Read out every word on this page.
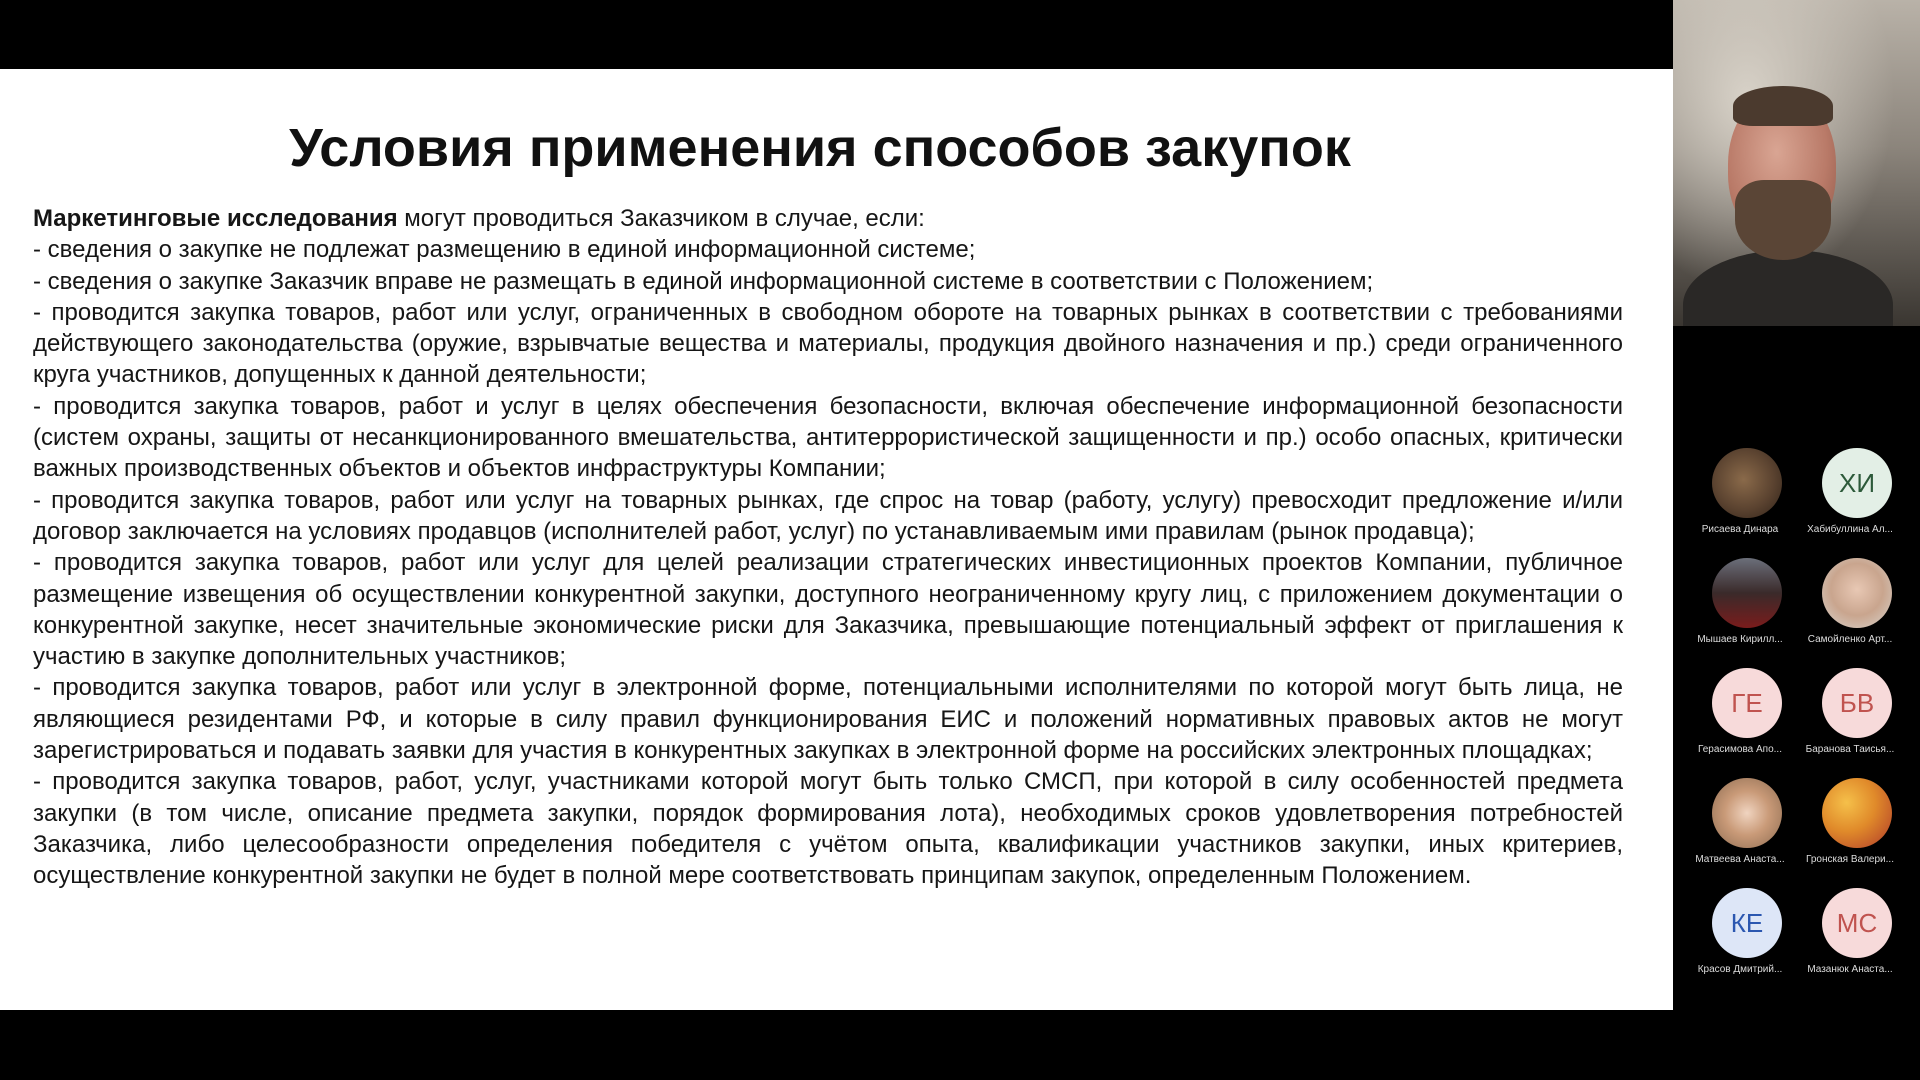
Условия применения способов закупок

Маркетинговые исследования могут проводиться Заказчиком в случае, если:

- сведения о закупке не подлежат размещению в единой информационной системе;

- сведения о закупке Заказчик вправе не размещать в единой информационной системе в соответствии с Положением;

- проводится закупка товаров, работ или услуг, ограниченных в свободном обороте на товарных рынках в соответствии с требованиями действующего законодательства (оружие, взрывчатые вещества и материалы, продукция двойного назначения и пр.) среди ограниченного круга участников, допущенных к данной деятельности;

- проводится закупка товаров, работ и услуг в целях обеспечения безопасности, включая обеспечение информационной безопасности (систем охраны, защиты от несанкционированного вмешательства, антитеррористической защищенности и пр.) особо опасных, критически важных производственных объектов и объектов инфраструктуры Компании;

- проводится закупка товаров, работ или услуг на товарных рынках, где спрос на товар (работу, услугу) превосходит предложение и/или договор заключается на условиях продавцов (исполнителей работ, услуг) по устанавливаемым ими правилам (рынок продавца);

- проводится закупка товаров, работ или услуг для целей реализации стратегических инвестиционных проектов Компании, публичное размещение извещения об осуществлении конкурентной закупки, доступного неограниченному кругу лиц, с приложением документации о конкурентной закупке, несет значительные экономические риски для Заказчика, превышающие потенциальный эффект от приглашения к участию в закупке дополнительных участников;

- проводится закупка товаров, работ или услуг в электронной форме, потенциальными исполнителями по которой могут быть лица, не являющиеся резидентами РФ, и которые в силу правил функционирования ЕИС и положений нормативных правовых актов не могут зарегистрироваться и подавать заявки для участия в конкурентных закупках в электронной форме на российских электронных площадках;

- проводится закупка товаров, работ, услуг, участниками которой могут быть только СМСП, при которой в силу особенностей предмета закупки (в том числе, описание предмета закупки, порядок формирования лота), необходимых сроков удовлетворения потребностей Заказчика, либо целесообразности определения победителя с учётом опыта, квалификации участников закупки, иных критериев, осуществление конкурентной закупки не будет в полной мере соответствовать принципам закупок, определенным Положением.

Рисаева Динара
ХИ
Хабибуллина Ал...
Мышаев Кирилл...	Самойленко Арт...
ГЕ
Герасимова Апо...
БВ
Баранова Таисья...
Матвеева Анаста...	Гронская Валери...
КЕ
Красов Дмитрий...
МС
Мазанюк Анаста...
